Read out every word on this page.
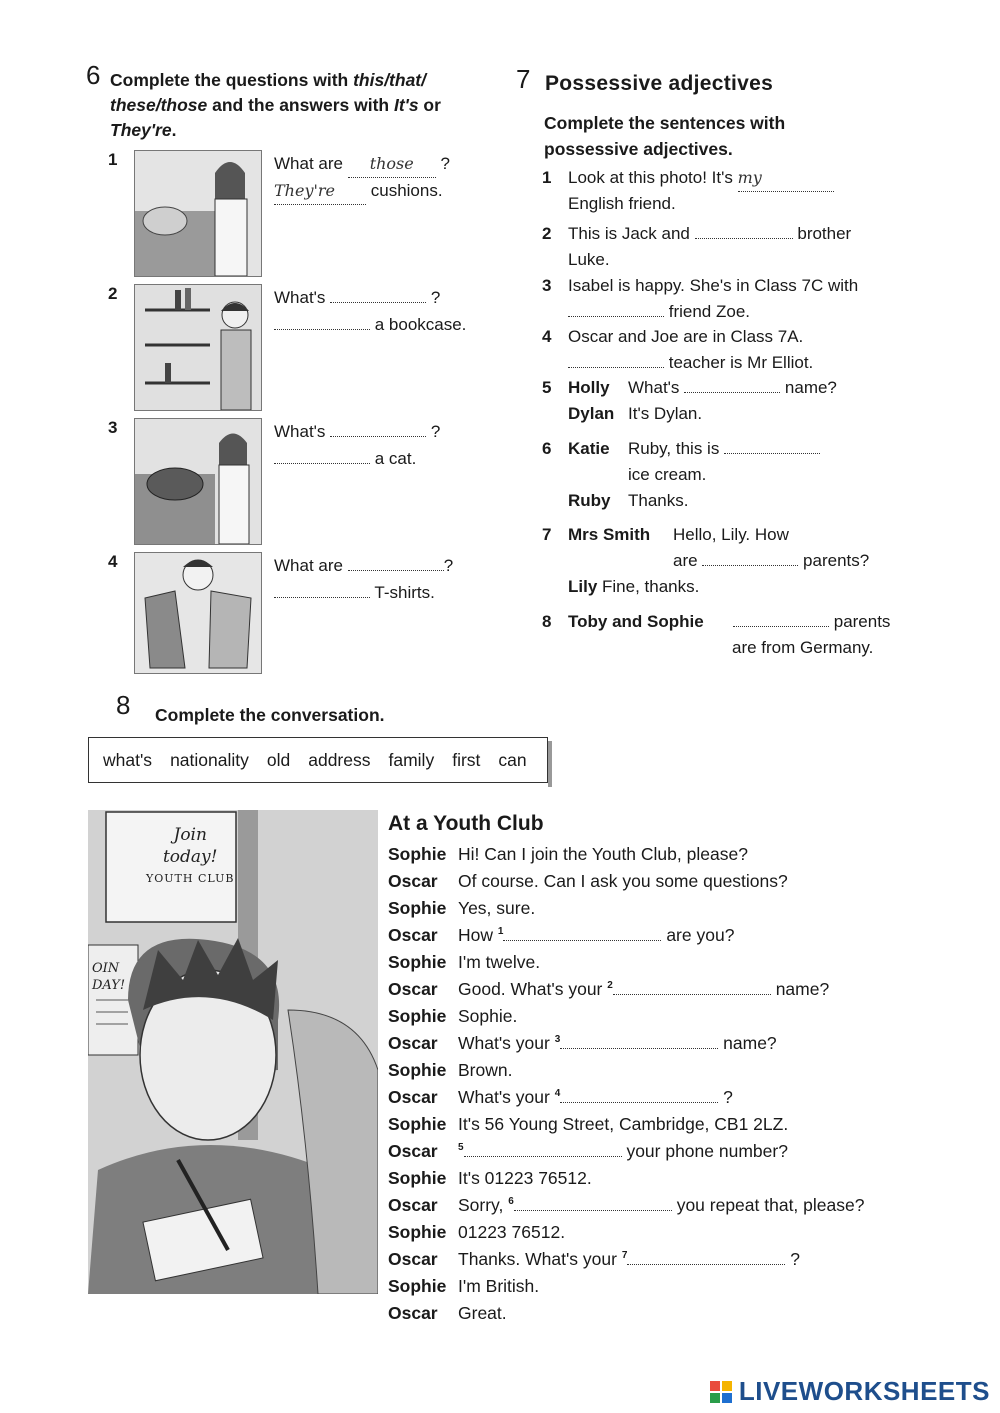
6 Complete the questions with this/that/ these/those and the answers with It's or They're.
1	What are those ?
They're cushions.
2	What's	?
a bookcase.
3	What's	?
a cat.
4	What are	?
T-shirts.
7 Possessive adjectives
Complete the sentences with possessive adjectives.
1 Look at this photo! It's my
English friend.
2 This is Jack and	brother
Luke.
3 Isabel is happy. She's in Class 7C with
friend Zoe.
4 Oscar and Joe are in Class 7A.
teacher is Mr Elliot.
5 Holly What's	name?
Dylan It's Dylan.
6 Katie Ruby, this is
ice cream.
Ruby Thanks.
7 Mrs Smith Hello, Lily. How
are	parents?
Lily Fine, thanks.
8 Toby and Sophie	parents
are from Germany.
8 Complete the conversation.
what's nationality old address family first can
Join
today!
YOUTH CLUB
OIN
DAY!
At a Youth Club
Sophie Hi! Can I join the Youth Club, please?
Oscar Of course. Can I ask you some questions?
Sophie Yes, sure.
Oscar How $^1$	are you?
Sophie I'm twelve.
Oscar Good. What's your $^2$	name?
Sophie Sophie.
Oscar What's your $^3$	name?
Sophie Brown.
Oscar What's your $^4$	?
Sophie It's 56 Young Street, Cambridge, CB1 2LZ.
Oscar $^5$	your phone number?
Sophie It's 01223 76512.
Oscar Sorry, $^6$	you repeat that, please?
Sophie 01223 76512.
Oscar Thanks. What's your $^7$	?
Sophie I'm British.
Oscar Great.
LIVEWORKSHEETS
